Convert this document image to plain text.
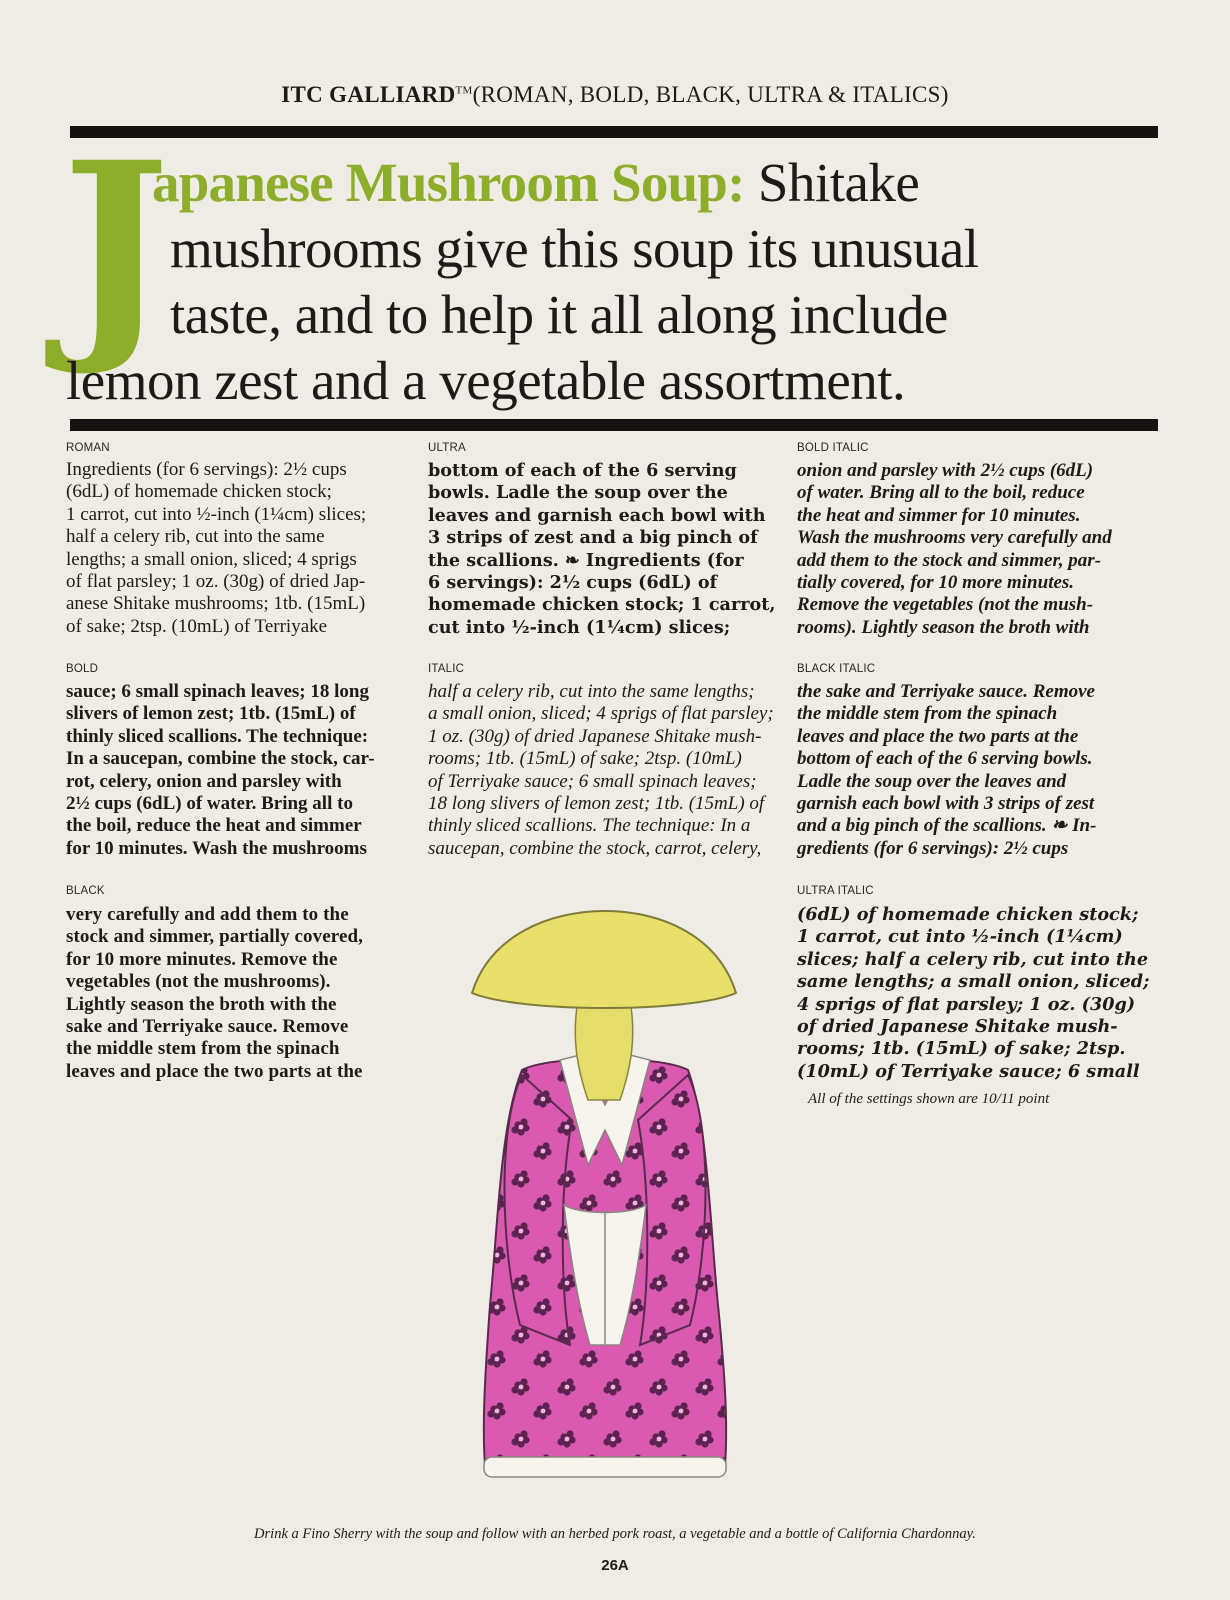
ITC GALLIARD™(ROMAN, BOLD, BLACK, ULTRA & ITALICS)
J
apanese Mushroom Soup: Shitake
mushrooms give this soup its unusual
taste, and to help it all along include
lemon zest and a vegetable assortment.
ROMAN	ULTRA	BOLD ITALIC
BOLD	ITALIC	BLACK ITALIC
BLACK	ULTRA ITALIC
Ingredients (for 6 servings): 2½ cups
(6dL) of homemade chicken stock;
1 carrot, cut into ½-inch (1¼cm) slices;
half a celery rib, cut into the same
lengths; a small onion, sliced; 4 sprigs
of flat parsley; 1 oz. (30g) of dried Jap-
anese Shitake mushrooms; 1tb. (15mL)
of sake; 2tsp. (10mL) of Terriyake
bottom of each of the 6 serving
bowls. Ladle the soup over the
leaves and garnish each bowl with
3 strips of zest and a big pinch of
the scallions. ❧ Ingredients (for
6 servings): 2½ cups (6dL) of
homemade chicken stock; 1 carrot,
cut into ½-inch (1¼cm) slices;
onion and parsley with 2½ cups (6dL)
of water. Bring all to the boil, reduce
the heat and simmer for 10 minutes.
Wash the mushrooms very carefully and
add them to the stock and simmer, par-
tially covered, for 10 more minutes.
Remove the vegetables (not the mush-
rooms). Lightly season the broth with
sauce; 6 small spinach leaves; 18 long
slivers of lemon zest; 1tb. (15mL) of
thinly sliced scallions. The technique:
In a saucepan, combine the stock, car-
rot, celery, onion and parsley with
2½ cups (6dL) of water. Bring all to
the boil, reduce the heat and simmer
for 10 minutes. Wash the mushrooms
half a celery rib, cut into the same lengths;
a small onion, sliced; 4 sprigs of flat parsley;
1 oz. (30g) of dried Japanese Shitake mush-
rooms; 1tb. (15mL) of sake; 2tsp. (10mL)
of Terriyake sauce; 6 small spinach leaves;
18 long slivers of lemon zest; 1tb. (15mL) of
thinly sliced scallions. The technique: In a
saucepan, combine the stock, carrot, celery,
the sake and Terriyake sauce. Remove
the middle stem from the spinach
leaves and place the two parts at the
bottom of each of the 6 serving bowls.
Ladle the soup over the leaves and
garnish each bowl with 3 strips of zest
and a big pinch of the scallions. ❧ In-
gredients (for 6 servings): 2½ cups
very carefully and add them to the
stock and simmer, partially covered,
for 10 more minutes. Remove the
vegetables (not the mushrooms).
Lightly season the broth with the
sake and Terriyake sauce. Remove
the middle stem from the spinach
leaves and place the two parts at the
(6dL) of homemade chicken stock;
1 carrot, cut into ½-inch (1¼cm)
slices; half a celery rib, cut into the
same lengths; a small onion, sliced;
4 sprigs of flat parsley; 1 oz. (30g)
of dried Japanese Shitake mush-
rooms; 1tb. (15mL) of sake; 2tsp.
(10mL) of Terriyake sauce; 6 small
All of the settings shown are 10/11 point
Drink a Fino Sherry with the soup and follow with an herbed pork roast, a vegetable and a bottle of California Chardonnay.
26A
